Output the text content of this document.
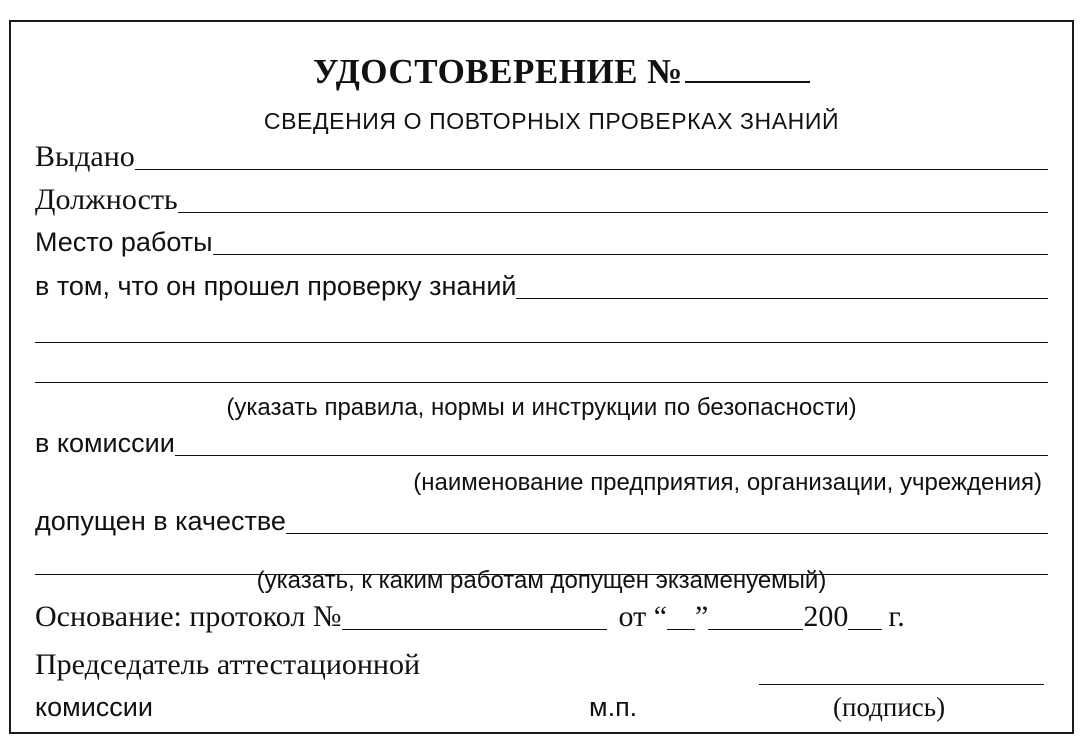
УДОСТОВЕРЕНИЕ №
СВЕДЕНИЯ О ПОВТОРНЫХ ПРОВЕРКАХ ЗНАНИЙ
Выдано
Должность
Место работы
в том, что он прошел проверку знаний
(указать правила, нормы и инструкции по безопасности)
в комиссии
(наименование предприятия, организации, учреждения)
допущен в качестве
(указать, к каким работам допущен экзаменуемый)
Основание: протокол №	от “ ”	200 г.
Председатель аттестационной
комиссии	м.п.	(подпись)
